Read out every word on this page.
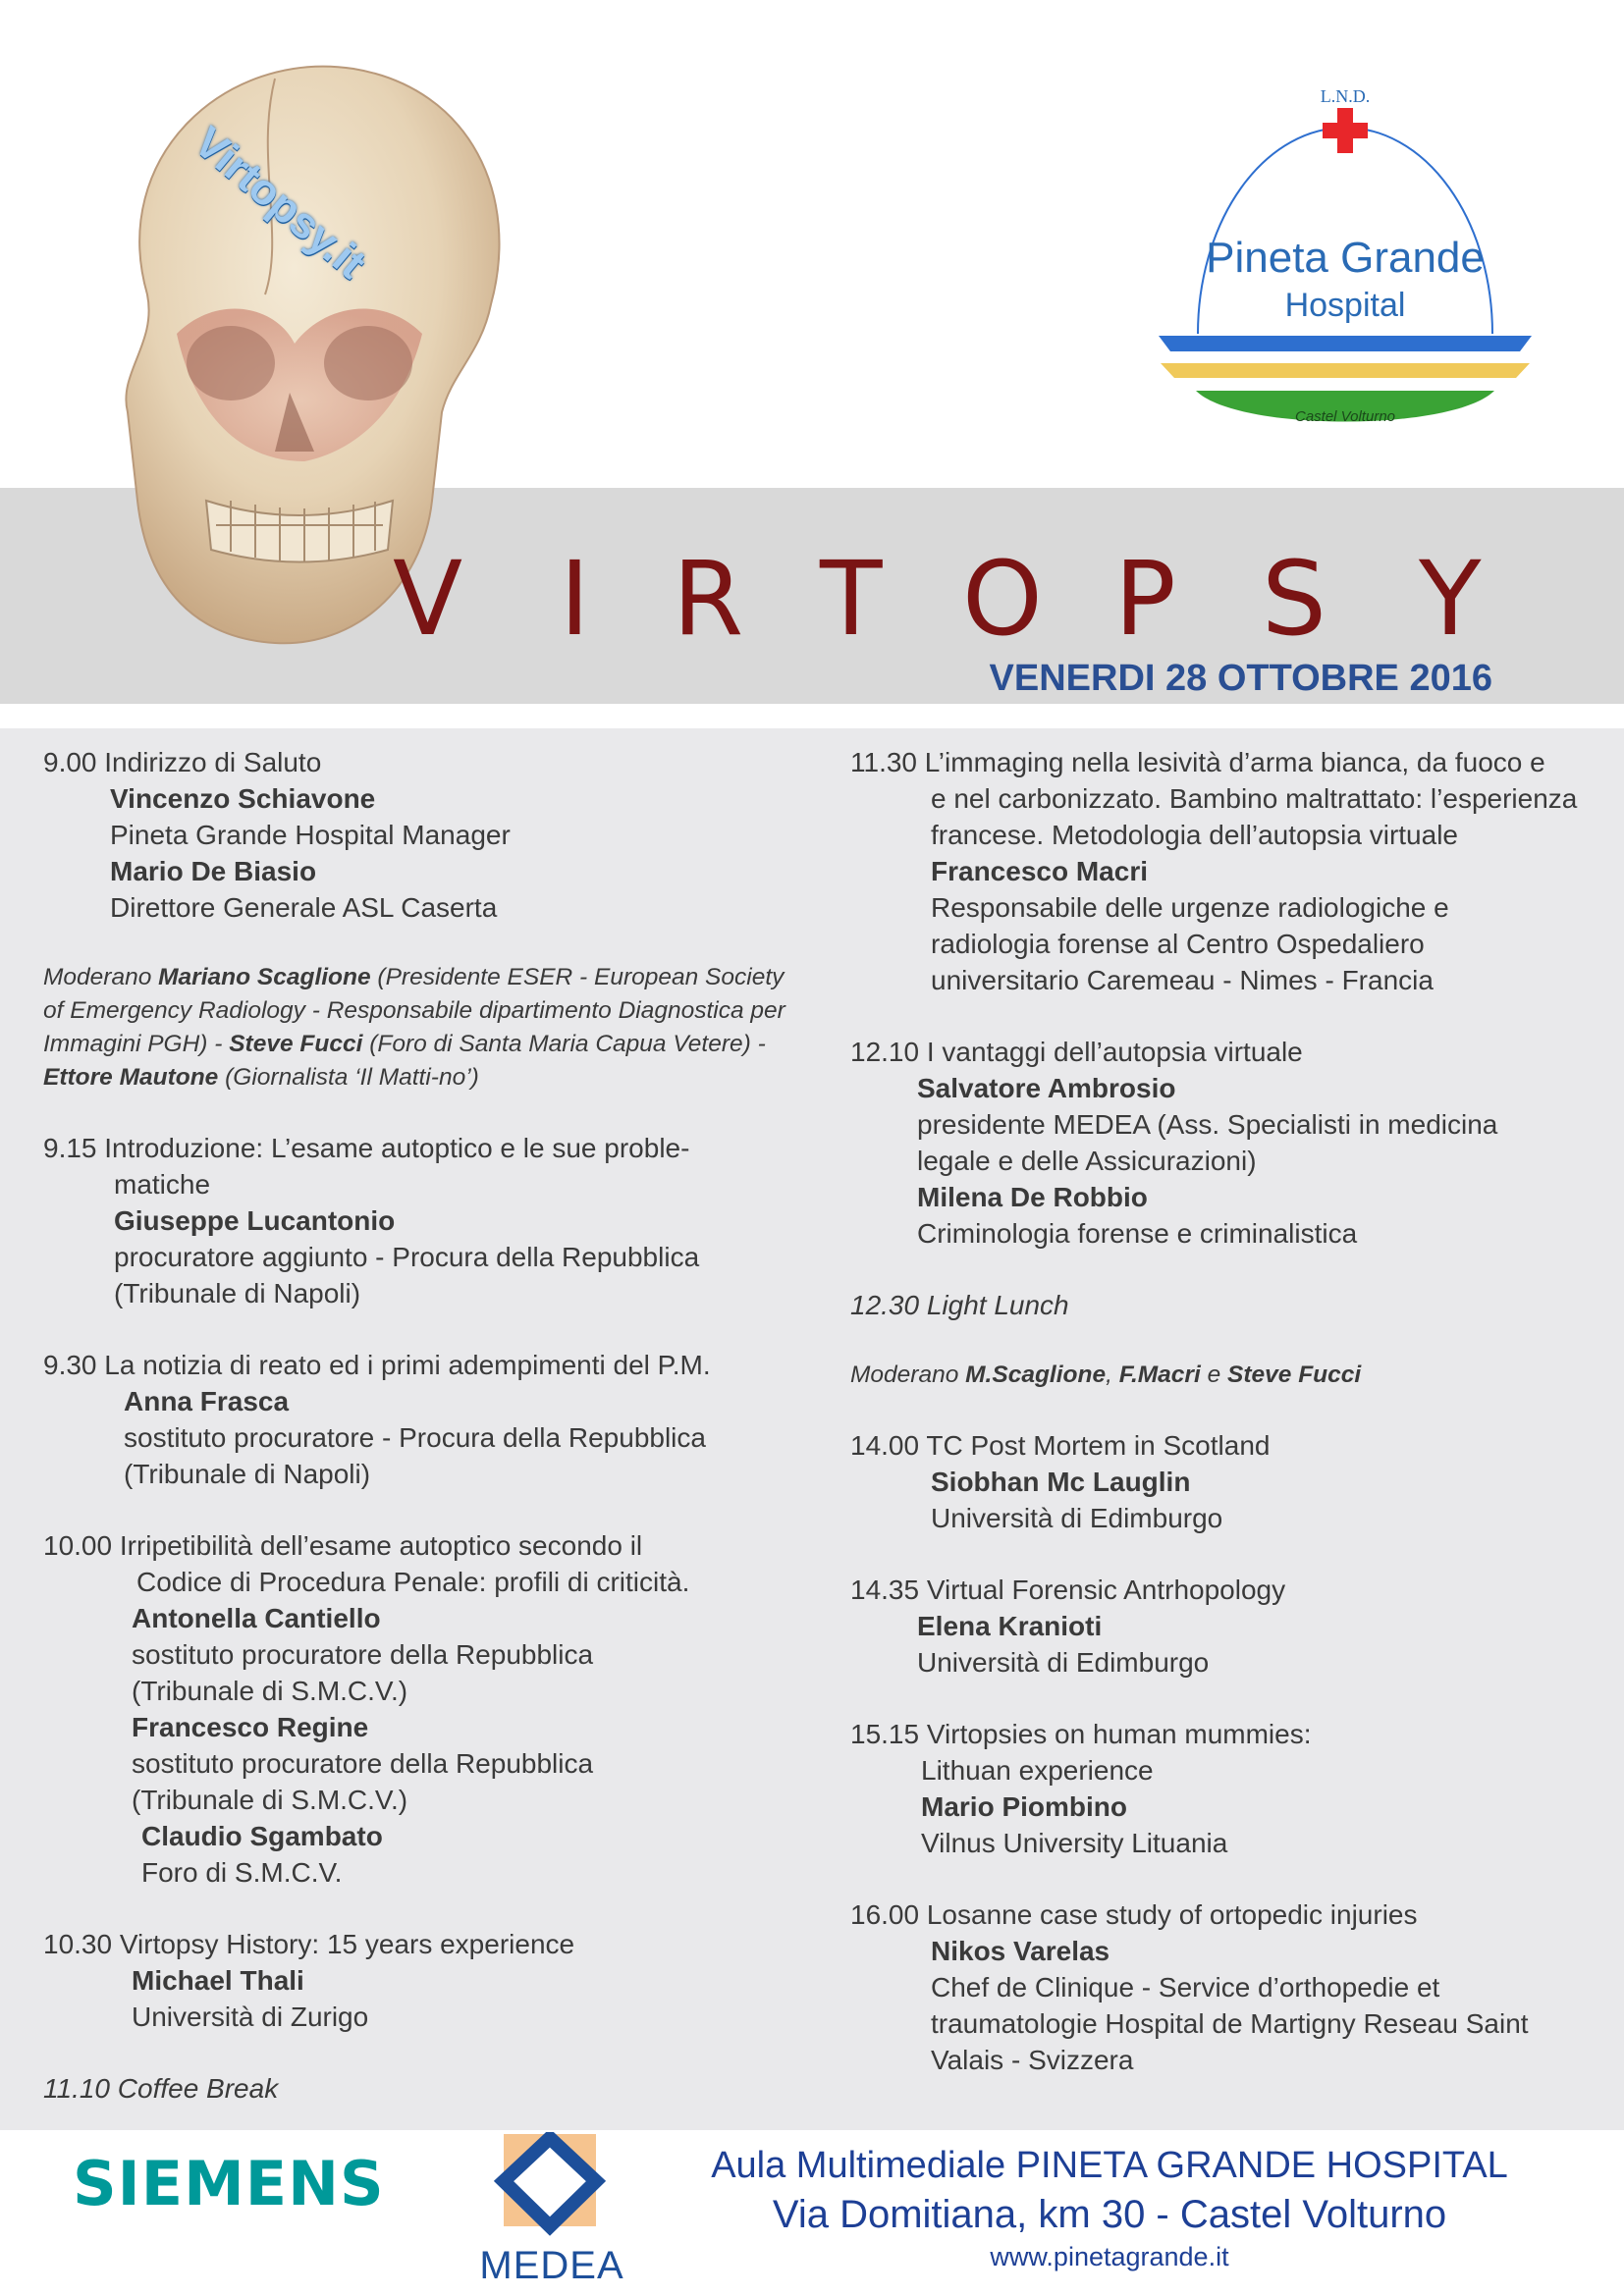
Virtopsy.it
L.N.D.
Pineta Grande
Hospital
Castel Volturno
V I R T O P S Y
VENERDI 28 OTTOBRE 2016
9.00 Indirizzo di Saluto
Vincenzo Schiavone
Pineta Grande Hospital Manager
Mario De Biasio
Direttore Generale ASL Caserta
Moderano Mariano Scaglione (Presidente ESER - European Society of Emergency Radiology - Responsabile dipartimento Diagnostica per Immagini PGH) - Steve Fucci (Foro di Santa Maria Capua Vetere) - Ettore Mautone (Giornalista ‘Il Matti-no’)
9.15 Introduzione: L’esame autoptico e le sue proble-
matiche
Giuseppe Lucantonio
procuratore aggiunto - Procura della Repubblica
(Tribunale di Napoli)
9.30 La notizia di reato ed i primi adempimenti del P.M.
Anna Frasca
sostituto procuratore - Procura della Repubblica
(Tribunale di Napoli)
10.00 Irripetibilità dell’esame autoptico secondo il
Codice di Procedura Penale: profili di criticità.
Antonella Cantiello
sostituto procuratore della Repubblica
(Tribunale di S.M.C.V.)
Francesco Regine
sostituto procuratore della Repubblica
(Tribunale di S.M.C.V.)
Claudio Sgambato
Foro di S.M.C.V.
10.30 Virtopsy History: 15 years experience
Michael Thali
Università di Zurigo
11.10 Coffee Break
11.30 L’immaging nella lesività d’arma bianca, da fuoco e
e nel carbonizzato. Bambino maltrattato: l’esperienza
francese. Metodologia dell’autopsia virtuale
Francesco Macri
Responsabile delle urgenze radiologiche e
radiologia forense al Centro Ospedaliero
universitario Caremeau - Nimes - Francia
12.10 I vantaggi dell’autopsia virtuale
Salvatore Ambrosio
presidente MEDEA (Ass. Specialisti in medicina
legale e delle Assicurazioni)
Milena De Robbio
Criminologia forense e criminalistica
12.30 Light Lunch
Moderano M.Scaglione, F.Macri e Steve Fucci
14.00 TC Post Mortem in Scotland
Siobhan Mc Lauglin
Università di Edimburgo
14.35 Virtual Forensic Antrhopology
Elena Kranioti
Università di Edimburgo
15.15 Virtopsies on human mummies:
Lithuan experience
Mario Piombino
Vilnus University Lituania
16.00 Losanne case study of ortopedic injuries
Nikos Varelas
Chef de Clinique - Service d’orthopedie et
traumatologie Hospital de Martigny Reseau Saint
Valais - Svizzera
SIEMENS
MEDEA
Aula Multimediale PINETA GRANDE HOSPITAL
Via Domitiana, km 30 - Castel Volturno
www.pinetagrande.it
